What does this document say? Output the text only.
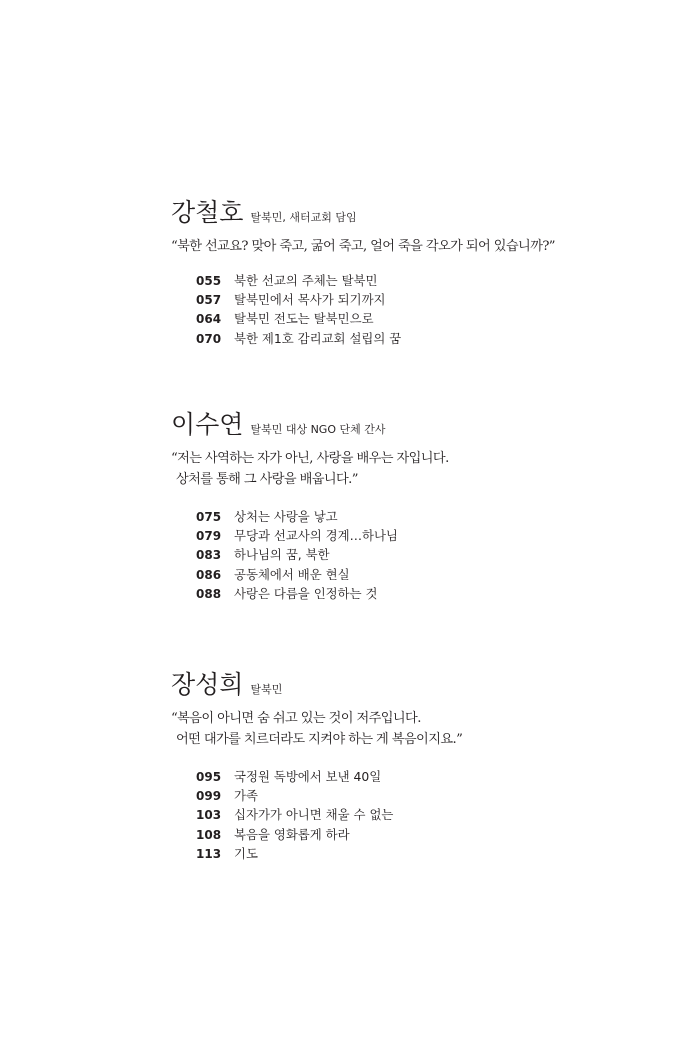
강철호 탈북민, 새터교회 담임
“북한 선교요? 맞아 죽고, 굶어 죽고, 얼어 죽을 각오가 되어 있습니까?”
055	북한 선교의 주체는 탈북민
057	탈북민에서 목사가 되기까지
064	탈북민 전도는 탈북민으로
070	북한 제1호 감리교회 설립의 꿈
이수연 탈북민 대상 NGO 단체 간사
“저는 사역하는 자가 아닌, 사랑을 배우는 자입니다.
상처를 통해 그 사랑을 배웁니다.”
075	상처는 사랑을 낳고
079	무당과 선교사의 경계…하나님
083	하나님의 꿈, 북한
086	공동체에서 배운 현실
088	사랑은 다름을 인정하는 것
장성희 탈북민
“복음이 아니면 숨 쉬고 있는 것이 저주입니다.
어떤 대가를 치르더라도 지켜야 하는 게 복음이지요.”
095	국정원 독방에서 보낸 40일
099	가족
103	십자가가 아니면 채울 수 없는
108	복음을 영화롭게 하라
113	기도
